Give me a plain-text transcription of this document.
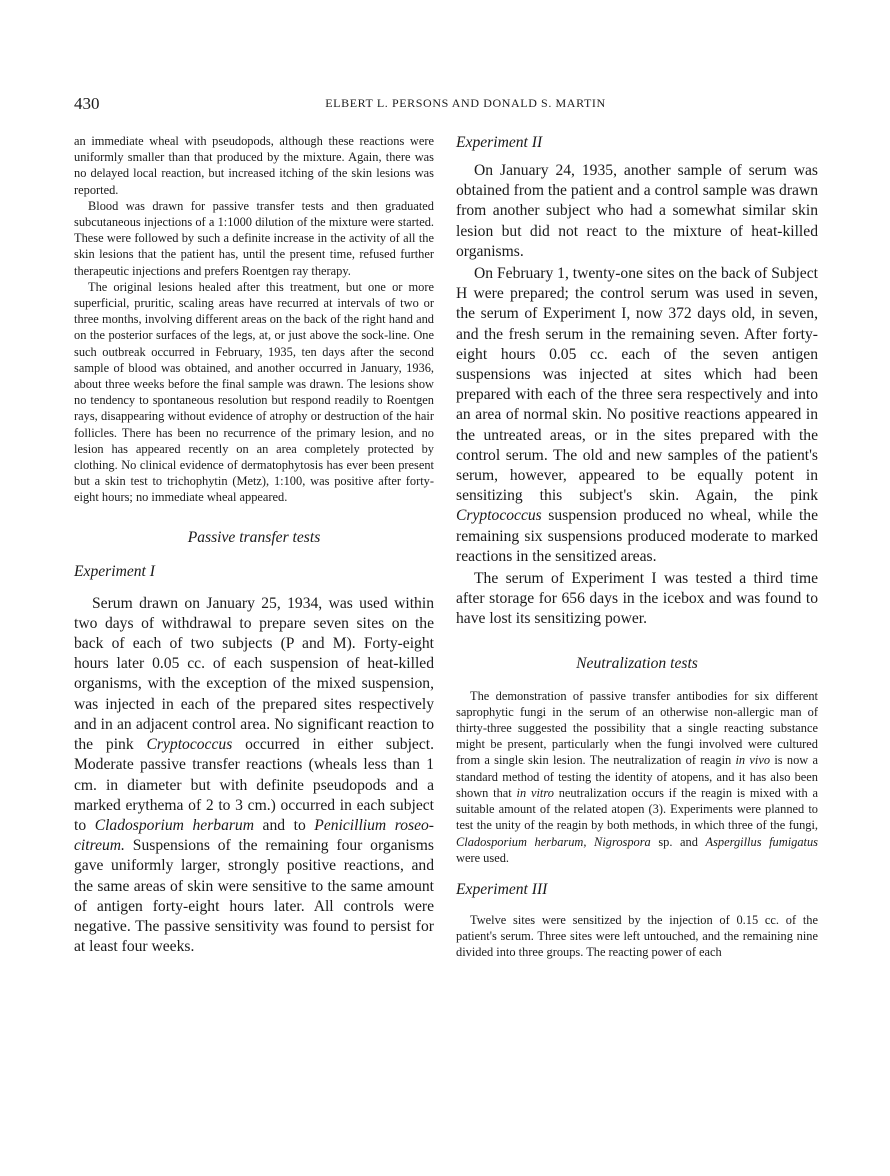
430	ELBERT L. PERSONS AND DONALD S. MARTIN

an immediate wheal with pseudopods, although these reactions were uniformly smaller than that produced by the mixture. Again, there was no delayed local reaction, but increased itching of the skin lesions was reported.

Blood was drawn for passive transfer tests and then graduated subcutaneous injections of a 1:1000 dilution of the mixture were started. These were followed by such a definite increase in the activity of all the skin lesions that the patient has, until the present time, refused further therapeutic injections and prefers Roentgen ray therapy.

The original lesions healed after this treatment, but one or more superficial, pruritic, scaling areas have recurred at intervals of two or three months, involving different areas on the back of the right hand and on the posterior surfaces of the legs, at, or just above the sock-line. One such outbreak occurred in February, 1935, ten days after the second sample of blood was obtained, and another occurred in January, 1936, about three weeks before the final sample was drawn. The lesions show no tendency to spontaneous resolution but respond readily to Roentgen rays, disappearing without evidence of atrophy or destruction of the hair follicles. There has been no recurrence of the primary lesion, and no lesion has appeared recently on an area completely protected by clothing. No clinical evidence of dermatophytosis has ever been present but a skin test to trichophytin (Metz), 1:100, was positive after forty-eight hours; no immediate wheal appeared.

Passive transfer tests
Experiment I

Serum drawn on January 25, 1934, was used within two days of withdrawal to prepare seven sites on the back of each of two subjects (P and M). Forty-eight hours later 0.05 cc. of each suspension of heat-killed organisms, with the exception of the mixed suspension, was injected in each of the prepared sites respectively and in an adjacent control area. No significant reaction to the pink Cryptococcus occurred in either subject. Moderate passive transfer reactions (wheals less than 1 cm. in diameter but with definite pseudopods and a marked erythema of 2 to 3 cm.) occurred in each subject to Cladosporium herbarum and to Penicillium roseo-citreum. Suspensions of the remaining four organisms gave uniformly larger, strongly positive reactions, and the same areas of skin were sensitive to the same amount of antigen forty-eight hours later. All controls were negative. The passive sensitivity was found to persist for at least four weeks.

Experiment II

On January 24, 1935, another sample of serum was obtained from the patient and a control sample was drawn from another subject who had a somewhat similar skin lesion but did not react to the mixture of heat-killed organisms.

On February 1, twenty-one sites on the back of Subject H were prepared; the control serum was used in seven, the serum of Experiment I, now 372 days old, in seven, and the fresh serum in the remaining seven. After forty-eight hours 0.05 cc. each of the seven antigen suspensions was injected at sites which had been prepared with each of the three sera respectively and into an area of normal skin. No positive reactions appeared in the untreated areas, or in the sites prepared with the control serum. The old and new samples of the patient's serum, however, appeared to be equally potent in sensitizing this subject's skin. Again, the pink Cryptococcus suspension produced no wheal, while the remaining six suspensions produced moderate to marked reactions in the sensitized areas.

The serum of Experiment I was tested a third time after storage for 656 days in the icebox and was found to have lost its sensitizing power.

Neutralization tests

The demonstration of passive transfer antibodies for six different saprophytic fungi in the serum of an otherwise non-allergic man of thirty-three suggested the possibility that a single reacting substance might be present, particularly when the fungi involved were cultured from a single skin lesion. The neutralization of reagin in vivo is now a standard method of testing the identity of atopens, and it has also been shown that in vitro neutralization occurs if the reagin is mixed with a suitable amount of the related atopen (3). Experiments were planned to test the unity of the reagin by both methods, in which three of the fungi, Cladosporium herbarum, Nigrospora sp. and Aspergillus fumigatus were used.

Experiment III

Twelve sites were sensitized by the injection of 0.15 cc. of the patient's serum. Three sites were left untouched, and the remaining nine divided into three groups. The reacting power of each
